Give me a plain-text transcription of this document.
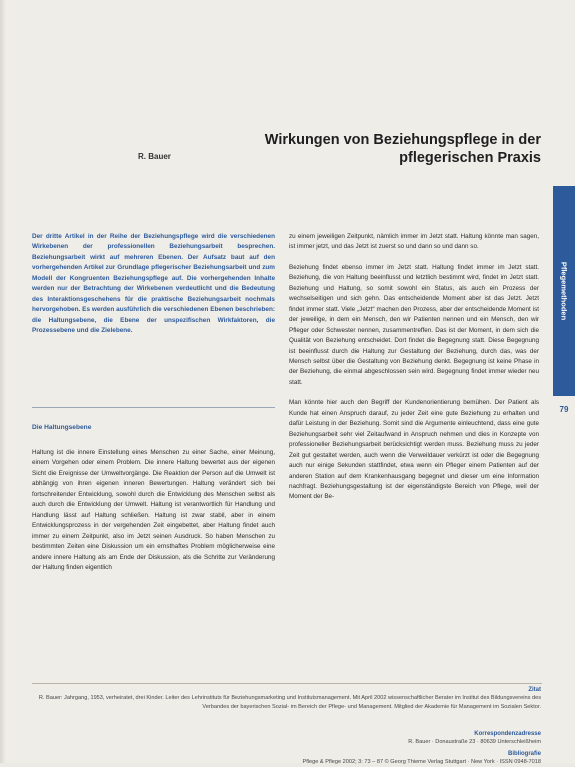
R. Bauer
Wirkungen von Beziehungspflege in der
pflegerischen Praxis
Pflegemethoden
79
Der dritte Artikel in der Reihe der Beziehungspflege wird die verschiedenen Wirkebenen der professionellen Beziehungsarbeit besprechen. Beziehungsarbeit wirkt auf mehreren Ebenen. Der Aufsatz baut auf den vorhergehenden Artikel zur Grundlage pflegerischer Beziehungsarbeit und zum Modell der Kongruenten Beziehungspflege auf. Die vorhergehenden Inhalte werden nur der Betrachtung der Wirkebenen verdeutlicht und die Bedeutung des Interaktionsgeschehens für die praktische Beziehungsarbeit nochmals hervorgehoben. Es werden ausführlich die verschiedenen Ebenen beschrieben: die Haltungsebene, die Ebene der unspezifischen Wirkfaktoren, die Prozessebene und die Zielebene.
Die Haltungsebene

Haltung ist die innere Einstellung eines Menschen zu einer Sache, einer Meinung, einem Vorgehen oder einem Problem. Die innere Haltung bewertet aus der eigenen Sicht die Ereignisse der Umweltvorgänge. Die Reaktion der Person auf die Umwelt ist abhängig von ihren eigenen inneren Bewertungen. Haltung verändert sich bei fortschreitender Entwicklung, sowohl durch die Entwicklung des Menschen selbst als auch durch die Entwicklung der Umwelt. Haltung ist verantwortlich für Handlung und Handlung lässt auf Haltung schließen. Haltung ist zwar stabil, aber in einem Entwicklungsprozess in der vergehenden Zeit eingebettet, aber Haltung findet auch immer zu einem Zeitpunkt, also im Jetzt seinen Ausdruck. So haben Menschen zu bestimmten Zeiten eine Diskussion um ein ernsthaftes Problem möglicherweise eine andere innere Haltung als am Ende der Diskussion, als die Schritte zur Veränderung der Haltung finden eigentlich

zu einem jeweiligen Zeitpunkt, nämlich immer im Jetzt statt. Haltung könnte man sagen, ist immer jetzt, und das Jetzt ist zuerst so und dann so und dann so.

Beziehung findet ebenso immer im Jetzt statt. Haltung findet immer im Jetzt statt. Beziehung, die von Haltung beeinflusst und letztlich bestimmt wird, findet im Jetzt statt. Beziehung und Haltung, so somit sowohl ein Status, als auch ein Prozess der wechselseitigen und sich gehn. Das entscheidende Moment aber ist das Jetzt. Jetzt findet immer statt. Viele „Jetzt“ machen den Prozess, aber der entscheidende Moment ist der jeweilige, in dem ein Mensch, den wir Patienten nennen und ein Mensch, den wir Pfleger oder Schwester nennen, zusammentreffen. Das ist der Moment, in dem sich die Qualität von Beziehung entscheidet. Dort findet die Begegnung statt. Diese Begegnung ist beeinflusst durch die Haltung zur Gestaltung der Beziehung, durch das, was der Mensch selbst über die Gestaltung von Beziehung denkt. Begegnung ist keine Phase in der Beziehung, die einmal abgeschlossen sein wird. Begegnung findet immer wieder neu statt.

Man könnte hier auch den Begriff der Kundenorientierung bemühen. Der Patient als Kunde hat einen Anspruch darauf, zu jeder Zeit eine gute Beziehung zu erhalten und dafür Leistung in der Beziehung. Somit sind die Argumente einleuchtend, dass eine gute Beziehungsarbeit sehr viel Zeitaufwand in Anspruch nehmen und dies in Konzepte von professioneller Beziehungsarbeit berücksichtigt werden muss. Beziehung muss zu jeder Zeit gut gestaltet werden, auch wenn die Verweildauer verkürzt ist oder die Begegnung auch nur einige Sekunden stattfindet, etwa wenn ein Pfleger einem Patienten auf der anderen Station auf dem Krankenhausgang begegnet und dieser um eine Information nachfragt. Beziehungsgestaltung ist der eigenständigste Bereich von Pflege, weil der Moment der Be-

Zitat
R. Bauer: Jahrgang, 1953, verheiratet, drei Kinder. Leiter des Lehrinstituts für Beziehungsmarketing und Institutsmanagement. Mit April 2002 wissenschaftlicher Berater im Institut des Bildungsvereins des Verbandes der bayerischen Sozial- im Bereich der Pflege- und Management. Mitglied der Akademie für Management im Sozialen Sektor.
Korrespondenzadresse
R. Bauer · Donaustraße 23 · 80639 Unterschleißheim
Bibliografie
Pflege & Pflege 2002; 3: 73 – 87 © Georg Thieme Verlag Stuttgart · New York · ISSN 0948-7018
